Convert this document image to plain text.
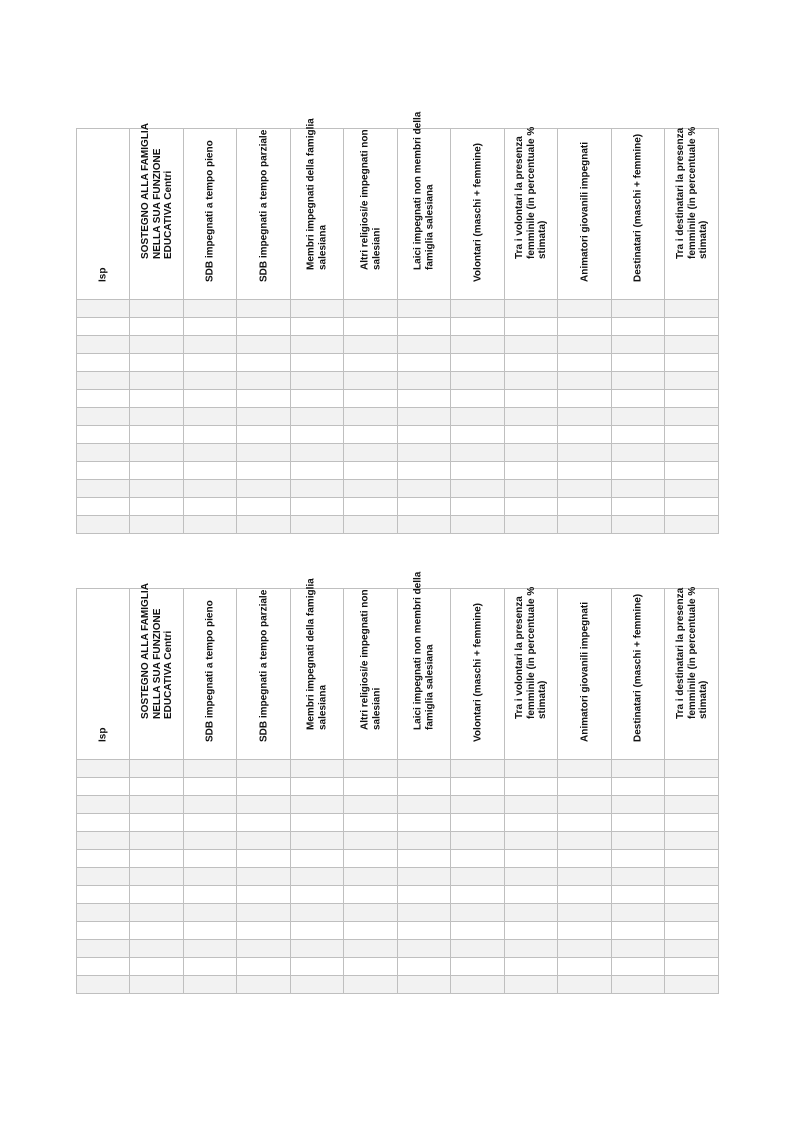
Isp	SOSTEGNO ALLA FAMIGLIA NELLA SUA FUNZIONE EDUCATIVA Centri	SDB impegnati a tempo pieno	SDB impegnati a tempo parziale	Membri impegnati della famiglia salesiana	Altri religiosi/e impegnati non salesiani	Laici impegnati non membri della famiglia salesiana	Volontari (maschi + femmine)	Tra i volontari la presenza femminile (in percentuale % stimata)	Animatori giovanili impegnati	Destinatari (maschi + femmine)	Tra i destinatari la presenza femminile (in percentuale % stimata)

Isp	SOSTEGNO ALLA FAMIGLIA NELLA SUA FUNZIONE EDUCATIVA Centri	SDB impegnati a tempo pieno	SDB impegnati a tempo parziale	Membri impegnati della famiglia salesiana	Altri religiosi/e impegnati non salesiani	Laici impegnati non membri della famiglia salesiana	Volontari (maschi + femmine)	Tra i volontari la presenza femminile (in percentuale % stimata)	Animatori giovanili impegnati	Destinatari (maschi + femmine)	Tra i destinatari la presenza femminile (in percentuale % stimata)
